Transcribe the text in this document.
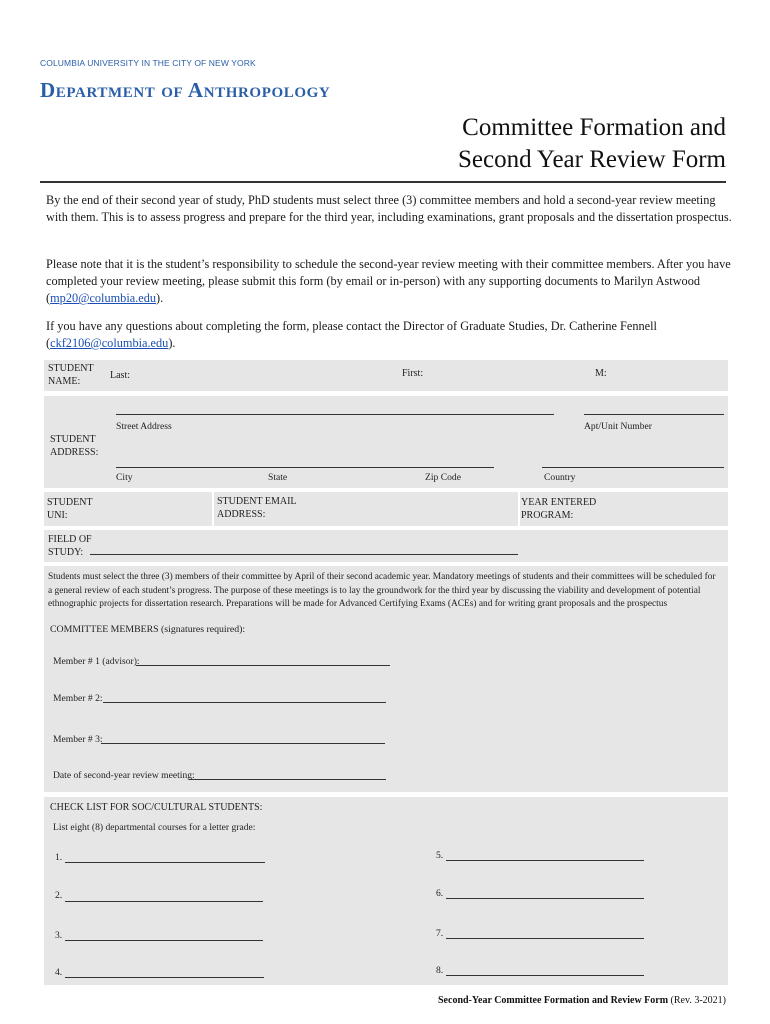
COLUMBIA UNIVERSITY IN THE CITY OF NEW YORK
Department of Anthropology
Committee Formation and
Second Year Review Form
By the end of their second year of study, PhD students must select three (3) committee members and hold a second-year review meeting with them. This is to assess progress and prepare for the third year, including examinations, grant proposals and the dissertation prospectus.
Please note that it is the student’s responsibility to schedule the second-year review meeting with their committee members. After you have completed your review meeting, please submit this form (by email or in-person) with any supporting documents to Marilyn Astwood (mp20@columbia.edu).
If you have any questions about completing the form, please contact the Director of Graduate Studies, Dr. Catherine Fennell (ckf2106@columbia.edu).
STUDENT
NAME:
Last:	First:	M:
Street Address	Apt/Unit Number
STUDENT
ADDRESS:
City	State	Zip Code	Country
STUDENT
UNI:
STUDENT EMAIL
ADDRESS:
YEAR ENTERED
PROGRAM:
FIELD OF
STUDY:
Students must select the three (3) members of their committee by April of their second academic year. Mandatory meetings of students and their committees will be scheduled for a general review of each student’s progress. The purpose of these meetings is to lay the groundwork for the third year by discussing the viability and development of potential ethnographic projects for dissertation research. Preparations will be made for Advanced Certifying Exams (ACEs) and for writing grant proposals and the prospectus
COMMITTEE MEMBERS (signatures required):
Member # 1 (advisor):
Member # 2:
Member # 3:
Date of second-year review meeting:
CHECK LIST FOR SOC/CULTURAL STUDENTS:
List eight (8) departmental courses for a letter grade:
1.
2.
3.
4.
5.
6.
7.
8.
Second-Year Committee Formation and Review Form (Rev. 3-2021)
